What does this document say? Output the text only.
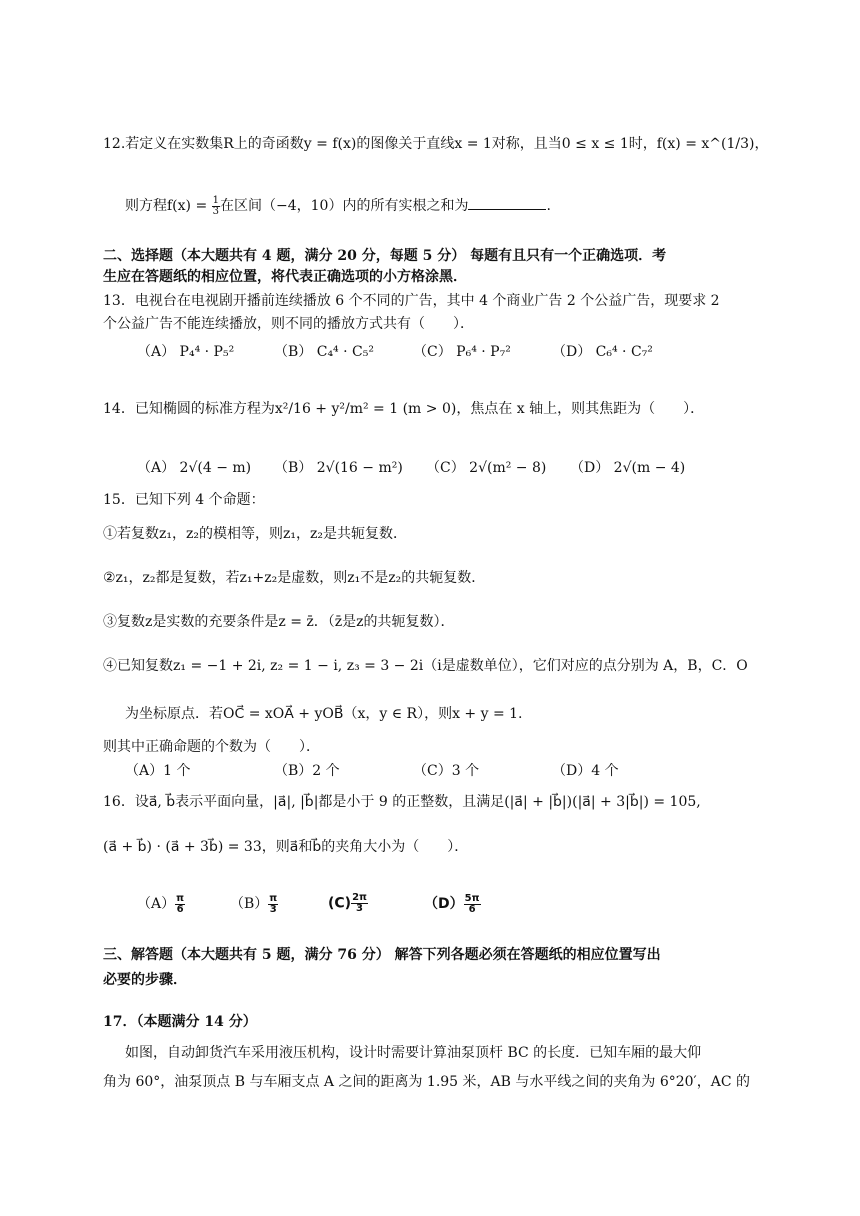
12.若定义在实数集R上的奇函数y = f(x)的图像关于直线x = 1对称，且当0 ≤ x ≤ 1时，f(x) = x^(1/3)，
则方程$f(x) = \frac{1}{3}$ 在区间（−4，10）内的所有实根之和为	.
二、选择题（本大题共有 4 题，满分 20 分，每题 5 分） 每题有且只有一个正确选项．考
生应在答题纸的相应位置，将代表正确选项的小方格涂黑．
13．电视台在电视剧开播前连续播放 6 个不同的广告，其中 4 个商业广告 2 个公益广告，现要求 2
个公益广告不能连续播放，则不同的播放方式共有（　　）．
（A） P₄⁴ · P₅²	（B） C₄⁴ · C₅²	（C） P₆⁴ · P₇²	（D） C₆⁴ · C₇²
14．已知椭圆的标准方程为x²/16 + y²/m² = 1 (m > 0)，焦点在 x 轴上，则其焦距为（　　）．
（A） 2√(4 − m) （B） 2√(16 − m²) （C） 2√(m² − 8) （D） 2√(m − 4)
15．已知下列 4 个命题：
①若复数z₁，z₂的模相等，则z₁，z₂是共轭复数．
②z₁，z₂都是复数，若z₁+z₂是虚数，则z₁不是z₂的共轭复数．
③复数z是实数的充要条件是z = z̄．（z̄是z的共轭复数）．
④已知复数z₁ = −1 + 2i, z₂ = 1 − i, z₃ = 3 − 2i（i是虚数单位），它们对应的点分别为 A，B，C．O
为坐标原点．若OC⃗ = xOA⃗ + yOB⃗（x，y ∈ R），则x + y = 1.
则其中正确命题的个数为（　　）．
（A）1 个	（B）2 个	（C）3 个	（D）4 个
16．设a⃗, b⃗表示平面向量，|a⃗|, |b⃗|都是小于 9 的正整数，且满足(|a⃗| + |b⃗|)(|a⃗| + 3|b⃗|) = 105,
(a⃗ + b⃗) · (a⃗ + 3b⃗) = 33，则a⃗和b⃗的夹角大小为（　　）．
$(A) \frac{\pi}{6}$	$(B) \frac{\pi}{3}$	$(C) \frac{2\pi}{3}$	$(D) \frac{5\pi}{6}$
三、解答题（本大题共有 5 题，满分 76 分） 解答下列各题必须在答题纸的相应位置写出
必要的步骤．
17．（本题满分 14 分）
如图，自动卸货汽车采用液压机构，设计时需要计算油泵顶杆 BC 的长度．已知车厢的最大仰
角为 60°，油泵顶点 B 与车厢支点 A 之间的距离为 1.95 米，AB 与水平线之间的夹角为 6°20′，AC 的
